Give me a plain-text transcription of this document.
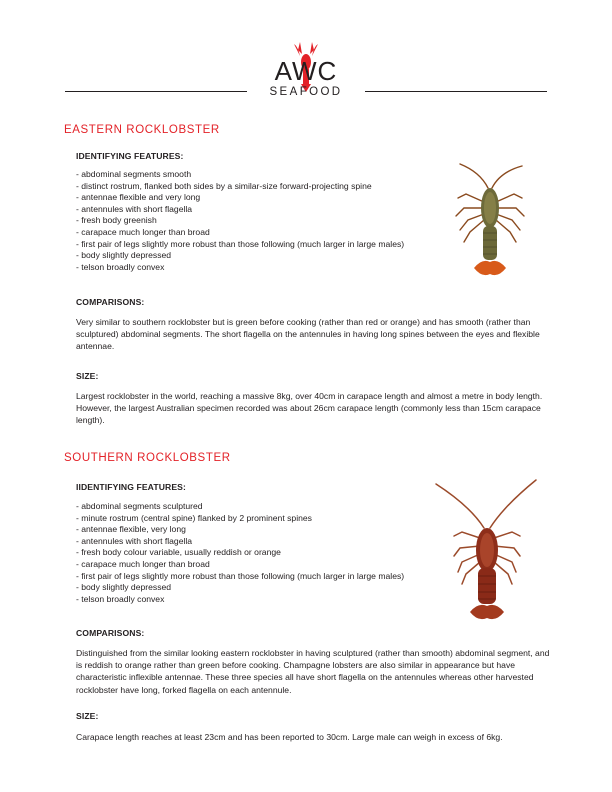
AWC
SEAFOOD
EASTERN ROCKLOBSTER
IDENTIFYING FEATURES:
- abdominal segments smooth
- distinct rostrum, flanked both sides by a similar-size forward-projecting spine
- antennae flexible and very long
- antennules with short flagella
- fresh body greenish
- carapace much longer than broad
- first pair of legs slightly more robust than those following (much larger in large males)
- body slightly depressed
- telson broadly convex
COMPARISONS:

Very similar to southern rocklobster but is green before cooking (rather than red or orange) and has smooth (rather than sculptured) abdominal segments. The short flagella on the antennules in having long spines between the eyes and flexible antennae.

SIZE:

Largest rocklobster in the world, reaching a massive 8kg, over 40cm in carapace length and almost a metre in body length. However, the largest Australian specimen recorded was about 26cm carapace length (commonly less than 15cm carapace length).

SOUTHERN ROCKLOBSTER
IIDENTIFYING FEATURES:
- abdominal segments sculptured
- minute rostrum (central spine) flanked by 2 prominent spines
- antennae flexible, very long
- antennules with short flagella
- fresh body colour variable, usually reddish or orange
- carapace much longer than broad
- first pair of legs slightly more robust than those following (much larger in large males)
- body slightly depressed
- telson broadly convex
COMPARISONS:

Distinguished from the similar looking eastern rocklobster in having sculptured (rather than smooth) abdominal segment, and is reddish to orange rather than green before cooking. Champagne lobsters are also similar in appearance but have characteristic inflexible antennae. These three species all have short flagella on the antennules whereas other harvested rocklobster have long, forked flagella on each antennule.

SIZE:

Carapace length reaches at least 23cm and has been reported to 30cm. Large male can weigh in excess of 6kg.
